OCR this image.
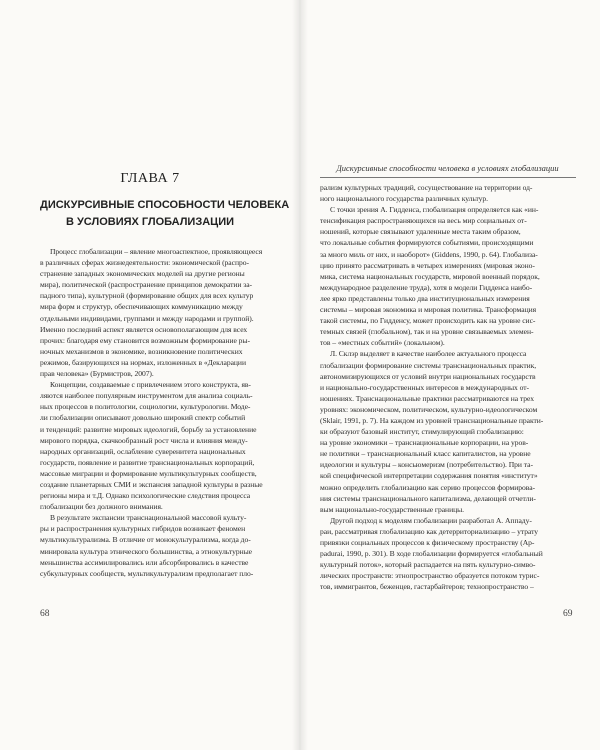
ГЛАВА 7
ДИСКУРСИВНЫЕ СПОСОБНОСТИ ЧЕЛОВЕКА
В УСЛОВИЯХ ГЛОБАЛИЗАЦИИ
Процесс глобализации – явление многоаспектное, проявляющееся
в различных сферах жизнедеятельности: экономической (распро-
странение западных экономических моделей на другие регионы
мира), политической (распространение принципов демократии за-
падного типа), культурной (формирование общих для всех культур
мира форм и структур, обеспечивающих коммуникацию между
отдельными индивидами, группами и между народами и группой).
Именно последний аспект является основополагающим для всех
прочих: благодаря ему становится возможным формирование ры-
ночных механизмов в экономике, возникновение политических
режимов, базирующихся на нормах, изложенных в «Декларации
прав человека» (Бурмистров, 2007).
Концепции, создаваемые с привлечением этого конструкта, яв-
ляются наиболее популярным инструментом для анализа социаль-
ных процессов в политологии, социологии, культурологии. Моде-
ли глобализации описывают довольно широкий спектр событий
и тенденций: развитие мировых идеологий, борьбу за установление
мирового порядка, скачкообразный рост числа и влияния между-
народных организаций, ослабление суверенитета национальных
государств, появление и развитие транснациональных корпораций,
массовые миграции и формирование мультикультурных сообществ,
создание планетарных СМИ и экспансия западной культуры в разные
регионы мира и т.Д. Однако психологические следствия процесса
глобализации без должного внимания.
В результате экспансии транснациональной массовой культу-
ры и распространения культурных гибридов возникает феномен
мультикультурализма. В отличие от монокультурализма, когда до-
минировала культура этнического большинства, а этнокультурные
меньшинства ассимилировались или абсорбировались в качестве
субкультурных сообществ, мультикультурализм предполагает пло-
68
Дискурсивные способности человека в условиях глобализации
рализм культурных традиций, сосуществование на территории од-
ного национального государства различных культур.
С точки зрения А. Гидденса, глобализация определяется как «ин-
тенсификация распространяющихся на весь мир социальных от-
ношений, которые связывают удаленные места таким образом,
что локальные события формируются событиями, происходящими
за много миль от них, и наоборот» (Giddens, 1990, p. 64). Глобализа-
цию принято рассматривать в четырех измерениях (мировая эконо-
мика, система национальных государств, мировой военный порядок,
международное разделение труда), хотя в модели Гидденса наибо-
лее ярко представлены только два институциональных измерения
системы – мировая экономика и мировая политика. Трансформация
такой системы, по Гидденсу, может происходить как на уровне сис-
темных связей (глобальном), так и на уровне связываемых элемен-
тов – «местных событий» (локальном).
Л. Склэр выделяет в качестве наиболее актуального процесса
глобализации формирование системы транснациональных практик,
автономизирующихся от условий внутри национальных государств
и национально-государственных интересов в международных от-
ношениях. Транснациональные практики рассматриваются на трех
уровнях: экономическом, политическом, культурно-идеологическом
(Sklair, 1991, p. 7). На каждом из уровней транснациональные практи-
ки образуют базовый институт, стимулирующий глобализацию:
на уровне экономики – транснациональные корпорации, на уров-
не политики – транснациональный класс капиталистов, на уровне
идеологии и культуры – консьюмеризм (потребительство). При та-
кой специфической интерпретации содержания понятия «институт»
можно определить глобализацию как серию процессов формирова-
ния системы транснационального капитализма, делающей отчетли-
вым национально-государственные границы.
Другой подход к моделям глобализации разработал А. Аппаду-
раи, рассматривая глобализацию как детерриториализацию – утрату
привязки социальных процессов к физическому пространству (Ар-
padurai, 1990, p. 301). В ходе глобализации формируется «глобальный
культурный поток», который распадается на пять культурно-симво-
лических пространств: этнопространство образуется потоком турис-
тов, иммигрантов, беженцев, гастарбайтеров; технопространство –
69
